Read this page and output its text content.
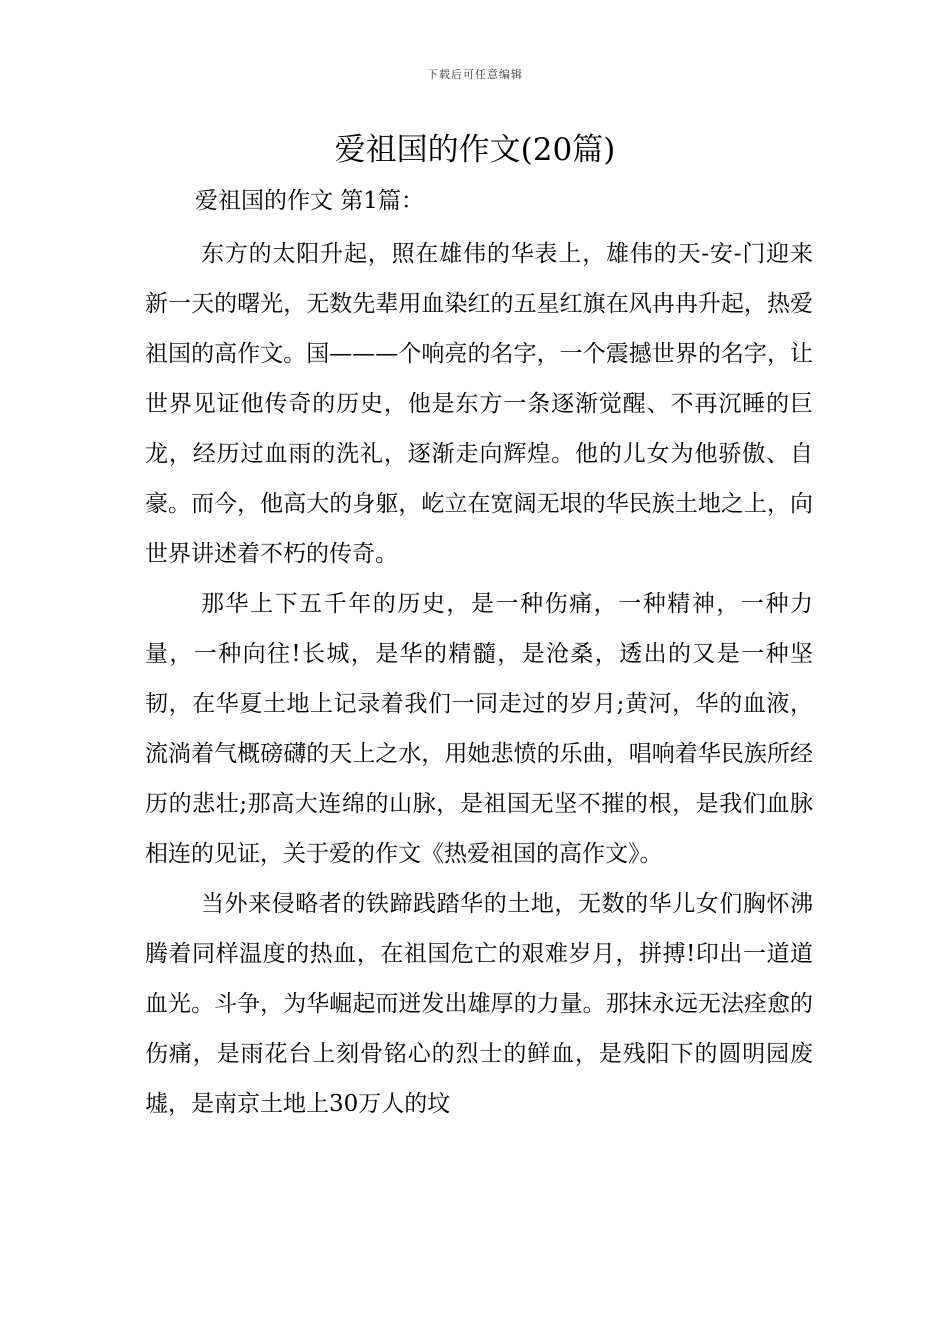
下载后可任意编辑
爱祖国的作文(20篇)

爱祖国的作文 第1篇：

东方的太阳升起，照在雄伟的华表上，雄伟的天-安-门迎来新一天的曙光，无数先辈用血染红的五星红旗在风冉冉升起，热爱祖国的高作文。国———个响亮的名字，一个震撼世界的名字，让世界见证他传奇的历史，他是东方一条逐渐觉醒、不再沉睡的巨龙，经历过血雨的洗礼，逐渐走向辉煌。他的儿女为他骄傲、自豪。而今，他高大的身躯，屹立在宽阔无垠的华民族土地之上，向世界讲述着不朽的传奇。

那华上下五千年的历史，是一种伤痛，一种精神，一种力量，一种向往!长城，是华的精髓，是沧桑，透出的又是一种坚韧，在华夏土地上记录着我们一同走过的岁月;黄河，华的血液，流淌着气概磅礴的天上之水，用她悲愤的乐曲，唱响着华民族所经历的悲壮;那高大连绵的山脉，是祖国无坚不摧的根，是我们血脉相连的见证，关于爱的作文《热爱祖国的高作文》。

当外来侵略者的铁蹄践踏华的土地，无数的华儿女们胸怀沸腾着同样温度的热血，在祖国危亡的艰难岁月，拼搏!印出一道道血光。斗争，为华崛起而迸发出雄厚的力量。那抹永远无法痊愈的伤痛，是雨花台上刻骨铭心的烈士的鲜血，是残阳下的圆明园废墟，是南京土地上30万人的坟
